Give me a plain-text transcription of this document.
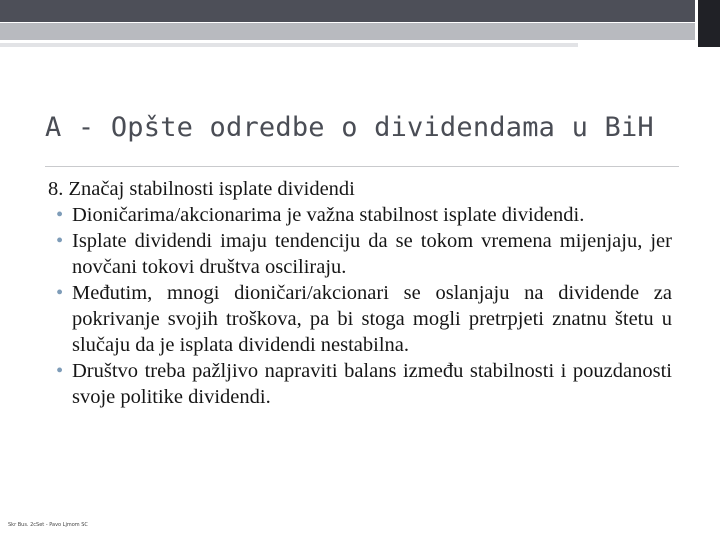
A - Opšte odredbe o dividendama u BiH

8. Značaj stabilnosti isplate dividendi

• Dioničarima/akcionarima je važna stabilnost isplate dividendi.
• Isplate dividendi imaju tendenciju da se tokom vremena mijenjaju, jer novčani tokovi društva osciliraju.
• Međutim, mnogi dioničari/akcionari se oslanjaju na dividende za pokrivanje svojih troškova, pa bi stoga mogli pretrpjeti znatnu štetu u slučaju da je isplata dividendi nestabilna.
• Društvo treba pažljivo napraviti balans između stabilnosti i pouzdanosti svoje politike dividendi.
Skr Bus. 2cSet - Pavo Ljmom SC
